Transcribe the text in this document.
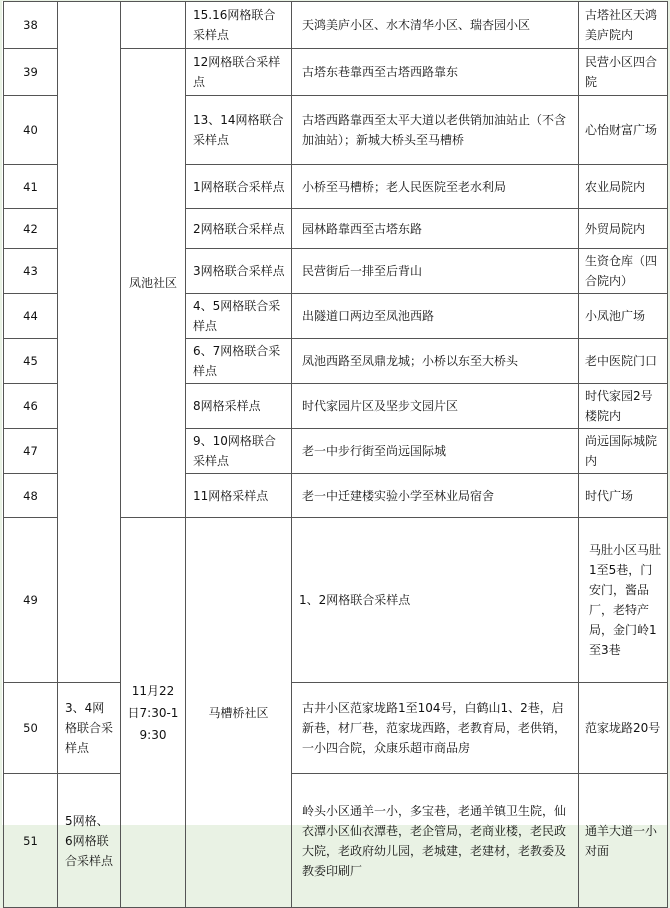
38			15.16网格联合采样点	天鸿美庐小区、水木清华小区、瑞杏园小区	古塔社区天鸿美庐院内	
39		凤池社区	12网格联合采样点	古塔东巷靠西至古塔西路靠东	民营小区四合院	
40			13、14网格联合采样点	古塔西路靠西至太平大道以老供销加油站止（不含加油站）；新城大桥头至马槽桥	心怡财富广场	
41			1网格联合采样点	小桥至马槽桥；老人民医院至老水利局	农业局院内	
42			2网格联合采样点	园林路靠西至古塔东路	外贸局院内	
43			3网格联合采样点	民营街后一排至后背山	生资仓库（四合院内）	
44			4、5网格联合采样点	出隧道口两边至凤池西路	小凤池广场	
45			6、7网格联合采样点	凤池西路至凤鼎龙城；小桥以东至大桥头	老中医院门口	
46			8网格采样点	时代家园片区及坚步文园片区	时代家园2号楼院内	
47			9、10网格联合采样点	老一中步行街至尚远国际城	尚远国际城院内	
48			11网格采样点	老一中迁建楼实验小学至林业局宿舍	时代广场	
49		11月22日7:30-19:30	马槽桥社区	1、2网格联合采样点	马肚小区马肚1至5巷，门安门，酱品厂，老特产局，金门岭1至3巷	
50	3、4网格联合采样点			古井小区范家垅路1至104号，白鹤山1、2巷，启新巷，材厂巷，范家垅西路，老教育局，老供销，一小四合院，众康乐超市商品房	范家垅路20号	
51	5网格、6网格联合采样点			岭头小区通羊一小，多宝巷，老通羊镇卫生院，仙衣潭小区仙衣潭巷，老企管局，老商业楼，老民政大院，老政府幼儿园，老城建，老建材，老教委及教委印刷厂	通羊大道一小对面	
